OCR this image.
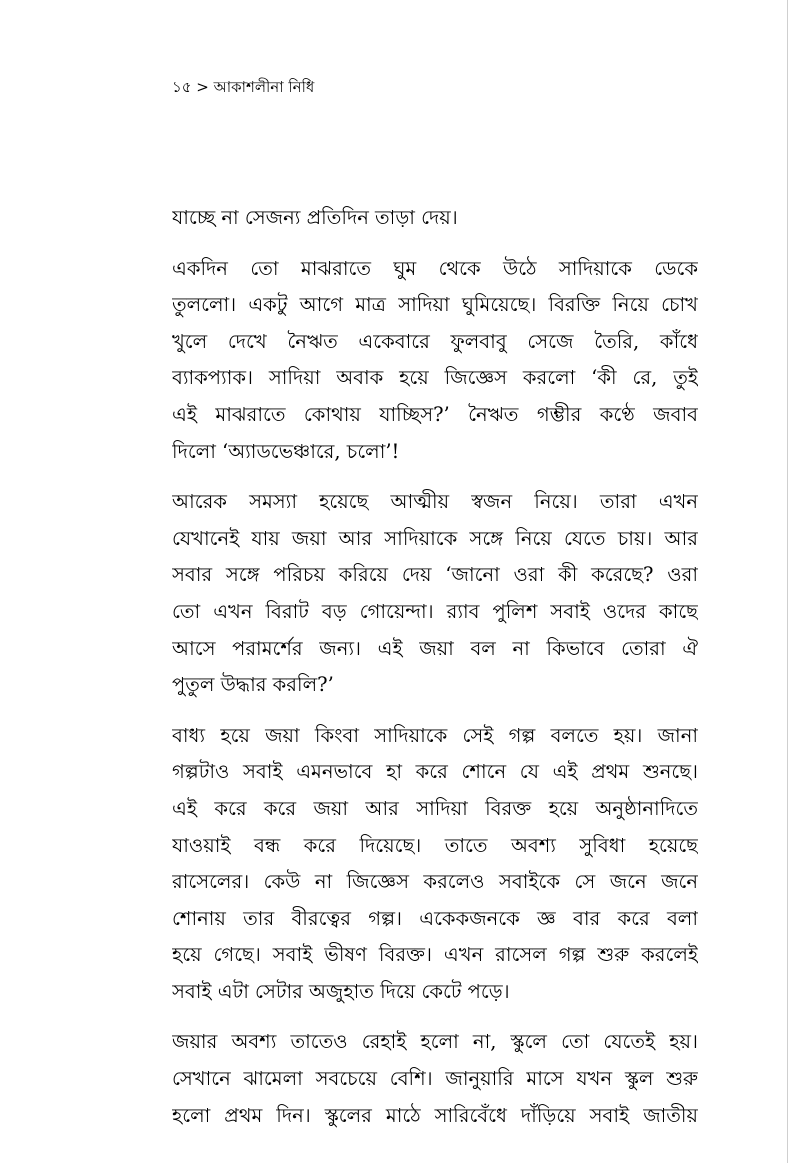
১৫ > আকাশলীনা নিধি

যাচ্ছে না সেজন্য প্রতিদিন তাড়া দেয়।

একদিন তো মাঝরাতে ঘুম থেকে উঠে সাদিয়াকে ডেকে
তুললো। একটু আগে মাত্র সাদিয়া ঘুমিয়েছে। বিরক্তি নিয়ে চোখ
খুলে দেখে নৈঋত একেবারে ফুলবাবু সেজে তৈরি, কাঁধে
ব্যাকপ্যাক। সাদিয়া অবাক হয়ে জিজ্ঞেস করলো ‘কী রে, তুই
এই মাঝরাতে কোথায় যাচ্ছিস?’ নৈঋত গম্ভীর কণ্ঠে জবাব
দিলো ‘অ্যাডভেঞ্চারে, চলো’!

আরেক সমস্যা হয়েছে আত্মীয় স্বজন নিয়ে। তারা এখন
যেখানেই যায় জয়া আর সাদিয়াকে সঙ্গে নিয়ে যেতে চায়। আর
সবার সঙ্গে পরিচয় করিয়ে দেয় ‘জানো ওরা কী করেছে? ওরা
তো এখন বিরাট বড় গোয়েন্দা। র‍্যাব পুলিশ সবাই ওদের কাছে
আসে পরামর্শের জন্য। এই জয়া বল না কিভাবে তোরা ঐ
পুতুল উদ্ধার করলি?’

বাধ্য হয়ে জয়া কিংবা সাদিয়াকে সেই গল্প বলতে হয়। জানা
গল্পটাও সবাই এমনভাবে হা করে শোনে যে এই প্রথম শুনছে।
এই করে করে জয়া আর সাদিয়া বিরক্ত হয়ে অনুষ্ঠানাদিতে
যাওয়াই বন্ধ করে দিয়েছে। তাতে অবশ্য সুবিধা হয়েছে
রাসেলের। কেউ না জিজ্ঞেস করলেও সবাইকে সে জনে জনে
শোনায় তার বীরত্বের গল্প। একেকজনকে জ্ঞ বার করে বলা
হয়ে গেছে। সবাই ভীষণ বিরক্ত। এখন রাসেল গল্প শুরু করলেই
সবাই এটা সেটার অজুহাত দিয়ে কেটে পড়ে।

জয়ার অবশ্য তাতেও রেহাই হলো না, স্কুলে তো যেতেই হয়।
সেখানে ঝামেলা সবচেয়ে বেশি। জানুয়ারি মাসে যখন স্কুল শুরু
হলো প্রথম দিন। স্কুলের মাঠে সারিবেঁধে দাঁড়িয়ে সবাই জাতীয়
